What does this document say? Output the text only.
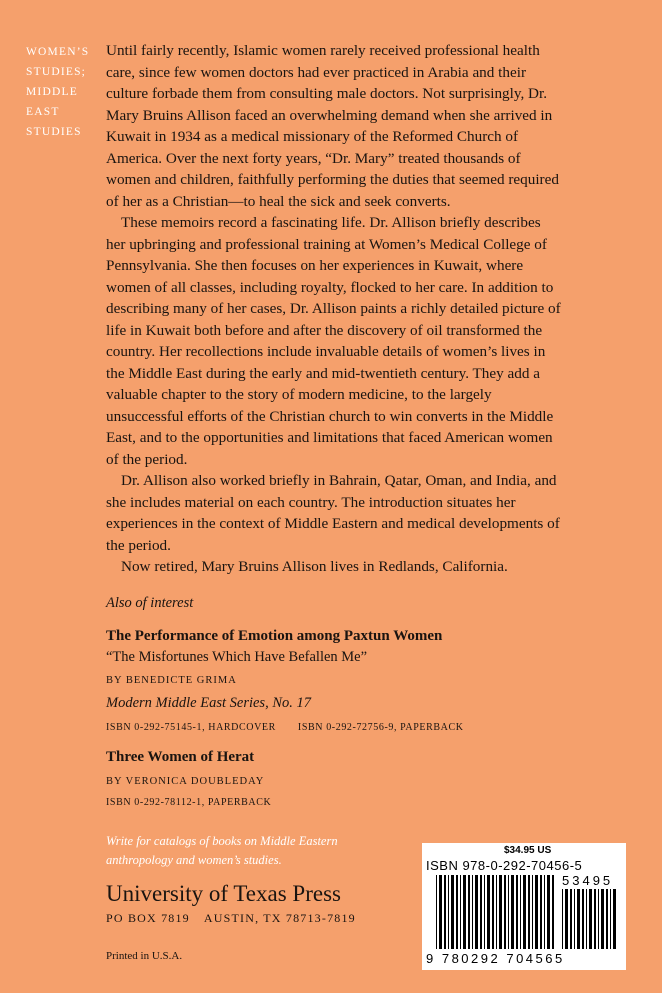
WOMEN’S
STUDIES;
MIDDLE
EAST
STUDIES

Until fairly recently, Islamic women rarely received professional health care, since few women doctors had ever practiced in Arabia and their culture forbade them from consulting male doctors. Not surprisingly, Dr. Mary Bruins Allison faced an overwhelming demand when she arrived in Kuwait in 1934 as a medical missionary of the Reformed Church of America. Over the next forty years, “Dr. Mary” treated thousands of women and children, faithfully performing the duties that seemed required of her as a Christian—to heal the sick and seek converts.

These memoirs record a fascinating life. Dr. Allison briefly describes her upbringing and professional training at Women’s Medical College of Pennsylvania. She then focuses on her experiences in Kuwait, where women of all classes, including royalty, flocked to her care. In addition to describing many of her cases, Dr. Allison paints a richly detailed picture of life in Kuwait both before and after the discovery of oil transformed the country. Her recollections include invaluable details of women’s lives in the Middle East during the early and mid-twentieth century. They add a valuable chapter to the story of modern medicine, to the largely unsuccessful efforts of the Christian church to win converts in the Middle East, and to the opportunities and limitations that faced American women of the period.

Dr. Allison also worked briefly in Bahrain, Qatar, Oman, and India, and she includes material on each country. The introduction situates her experiences in the context of Middle Eastern and medical developments of the period.

Now retired, Mary Bruins Allison lives in Redlands, California.

Also of interest
The Performance of Emotion among Paxtun Women
“The Misfortunes Which Have Befallen Me”
BY BENEDICTE GRIMA
Modern Middle East Series, No. 17
ISBN 0-292-75145-1, HARDCOVER ISBN 0-292-72756-9, PAPERBACK
Three Women of Herat
BY VERONICA DOUBLEDAY
ISBN 0-292-78112-1, PAPERBACK
Write for catalogs of books on Middle Eastern anthropology and women’s studies.
University of Texas Press
PO BOX 7819 AUSTIN, TX 78713-7819
Printed in U.S.A.
$34.95 US
ISBN 978-0-292-70456-5
53495
9 780292 704565
